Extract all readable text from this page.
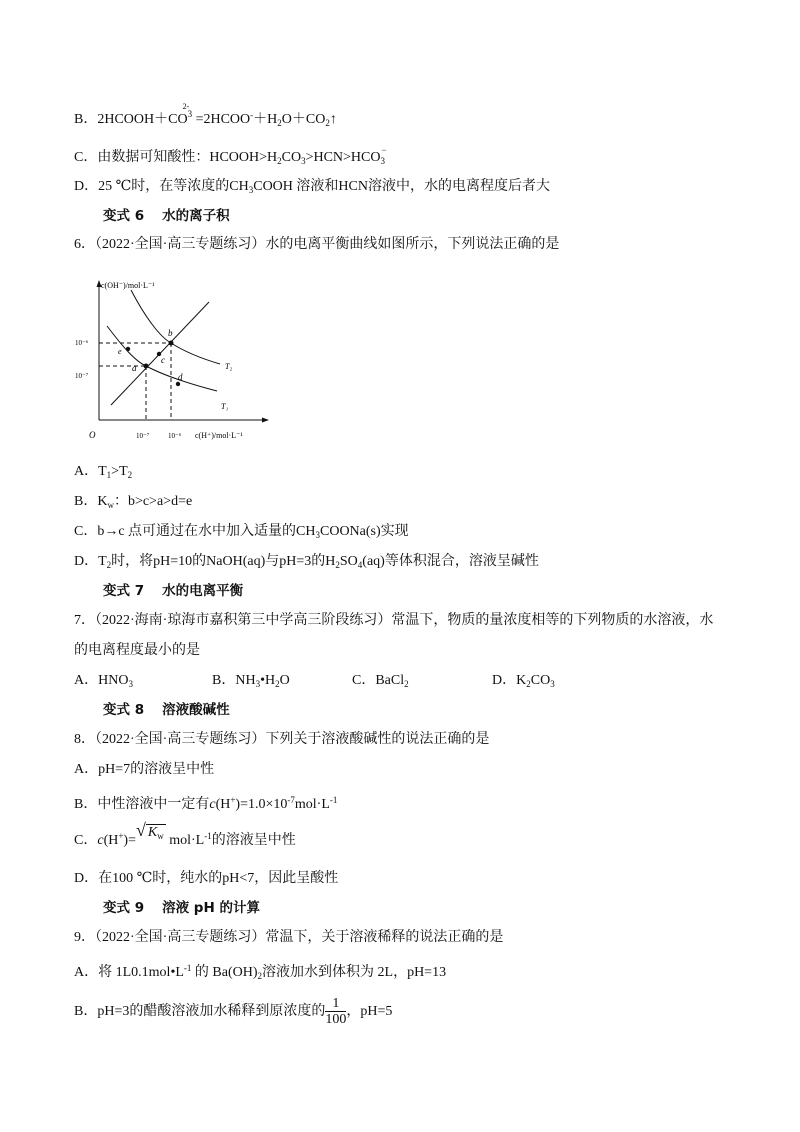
B．2HCOOH＋CO
2-
$^3 =2HCOO^-+H_2O+CO_2↑$
C．由数据可知酸性：$HCOOH>H_2CO_3>HCN>HCO$ −
$_3$
D．25 ℃时，在等浓度的$CH_3COOH$ 溶液和HCN溶液中，水的电离程度后者大
变式 6 水的离子积
6．（2022·全国·高三专题练习）水的电离平衡曲线如图所示，下列说法正确的是
c(OH⁻)/mol·L⁻¹
c(H⁺)/mol·L⁻¹
O
10⁻⁶
10⁻⁷
10⁻⁷	10⁻⁶
T₂
T₁
a
b
c
d
e
A．$T_1>T_2$
B．$K_w$：b>c>a>d=e
C．b→c 点可通过在水中加入适量的$CH_3COONa(s)$实现
D．$T_2$时，将pH=10的NaOH(aq)与pH=3的$H_2SO_4(aq)$等体积混合，溶液呈碱性
变式 7 水的电离平衡
7．（2022·海南·琼海市嘉积第三中学高三阶段练习）常温下，物质的量浓度相等的下列物质的水溶液，水
的电离程度最小的是
A．$HNO_3$	B．$NH_3•H_2O$	C．BaCl$_2$	D．$K_2CO_3$
变式 8 溶液酸碱性
8．（2022·全国·高三专题练习）下列关于溶液酸碱性的说法正确的是
A．pH=7的溶液呈中性
B．中性溶液中一定有$c(H^+)=1.0\times 10^{-7}mol\cdot L^{-1}$
C．c(H+)=√ $K_w$ $mol\cdot L^{-1}$的溶液呈中性
D．在100 ℃时，纯水的pH<7，因此呈酸性
变式 9 溶液 pH 的计算
9．（2022·全国·高三专题练习）常温下，关于溶液稀释的说法正确的是
A．将 $1L0.1mol•L^{-1}$ 的 $Ba(OH)_2$溶液加水到体积为 2L，pH=13
B．pH=3的醋酸溶液加水稀释到原浓度的 $\frac{1}{100}$ ，pH=5
